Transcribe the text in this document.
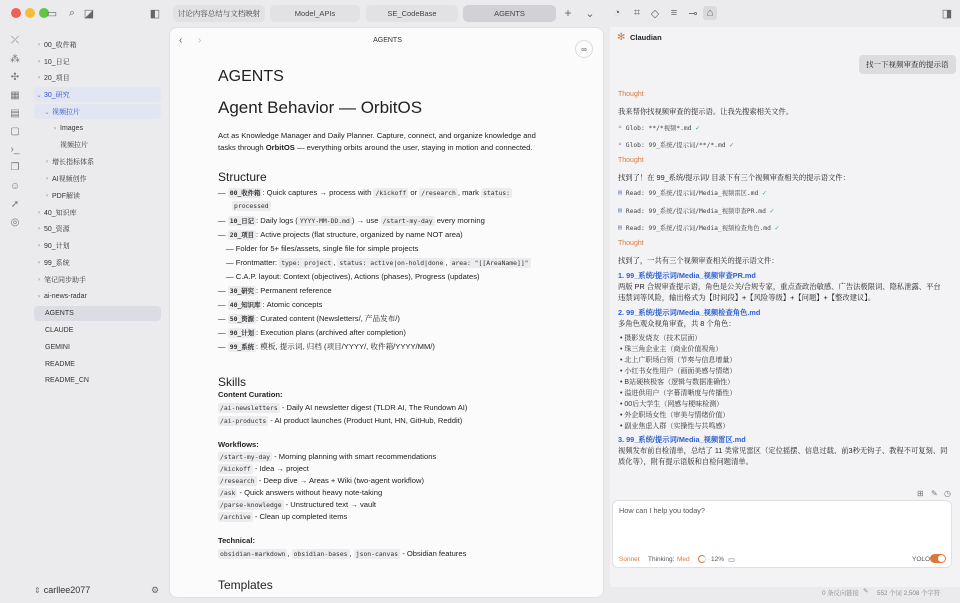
▭	⌕ ◪	◧	讨论内容总结与文档映射	Model_APIs	SE_CodeBase	AGENTS	+	⌄	◔	⌗ ◇	≡	⊸ ⌂	◨
⤫
⁂
✣
▦
▤
▢
›_
❐
☺
➚
◎
› 00_收件箱
› 10_日记
› 20_项目
⌄ 30_研究
⌄ 视频拉片
› Images
视频拉片
› 增长指标体系
› AI视频创作
› PDF解读
› 40_知识库
› 50_资源
› 90_计划
› 99_系统
› 笔记同步助手
› ai-news-radar
AGENTS
CLAUDE
GEMINI
README
README_CN
⇕ carllee2077	⚙
‹ ›	AGENTS
∞
AGENTS
Agent Behavior — OrbitOS
Act as Knowledge Manager and Daily Planner. Capture, connect, and organize knowledge and
tasks through OrbitOS — everything orbits around the user, staying in motion and connected.
Structure
— 00_收件箱 : Quick captures → process with /kickoff or /research , mark status:
processed
— 10_日记 : Daily logs ( YYYY-MM-DD.md ) → use /start-my-day every morning
— 20_项目 : Active projects (flat structure, organized by name NOT area)
— Folder for 5+ files/assets, single file for simple projects
— Frontmatter: type: project , status: active|on-hold|done , area: "[[AreaName]]"
— C.A.P. layout: Context (objectives), Actions (phases), Progress (updates)
— 30_研究 : Permanent reference
— 40_知识库 : Atomic concepts
— 50_资源 : Curated content (Newsletters/, 产品发布/)
— 90_计划 : Execution plans (archived after completion)
— 99_系统 : 模板, 提示词, 归档 (项目/YYYY/, 收件箱/YYYY/MM/)
Skills
Content Curation:
/ai-newsletters - Daily AI newsletter digest (TLDR AI, The Rundown AI)
/ai-products - AI product launches (Product Hunt, HN, GitHub, Reddit)
Workflows:
/start-my-day - Morning planning with smart recommendations
/kickoff - Idea → project
/research - Deep dive → Areas + Wiki (two-agent workflow)
/ask - Quick answers without heavy note-taking
/parse-knowledge - Unstructured text → vault
/archive - Clean up completed items
Technical:
obsidian-markdown , obsidian-bases , json-canvas - Obsidian features
Templates
✻ Claudian
找一下视频审查的提示语
Thought
我来帮你找视频审查的提示语。让我先搜索相关文件。
⌕ Glob: **/*视频*.md ✓
⌕ Glob: 99_系统/提示词/**/*.md ✓
Thought
找到了！在 99_系统/提示词/ 目录下有三个视频审查相关的提示语文件：
▤ Read: 99_系统/提示词/Media_视频雷区.md ✓
▤ Read: 99_系统/提示词/Media_视频审查PR.md ✓
▤ Read: 99_系统/提示词/Media_视频检查角色.md ✓
Thought
找到了，一共有三个视频审查相关的提示语文件：
1. 99_系统/提示词/Media_视频审查PR.md
两版 PR 合规审查提示语，角色是公关/合规专家，重点查政治敏感、广告法极限词、隐私泄露、平台
违禁词等风险，输出格式为【时间段】+【风险等级】+【问题】+【整改建议】。
2. 99_系统/提示词/Media_视频检查角色.md
多角色观众视角审查，共 8 个角色：
• 摄影发烧友（技术层面）
• 珠三角企业主（商业价值视角）
• 北上广职场白领（节奏与信息增量）
• 小红书女性用户（画面美感与情绪）
• B站硬核极客（逻辑与数据准确性）
• 溢进供用户（字幕清晰度与传播性）
• 00后大学生（网感与梗味检测）
• 外企职场女性（审美与情绪价值）
• 副业焦虑人群（实操性与共鸣感）
3. 99_系统/提示词/Media_视频雷区.md
视频发布前自检清单，总结了 11 类常见雷区（定位摇摆、信息过载、前3秒无钩子、教程不可复刻、同
质化等），附有提示语版和自检问题清单。
⊞ ✎ ◷
How can I help you today?
Sonnet Thinking: Med	12% ▭	YOLO
0 条反向链接 ✎ 552 个词 2,508 个字符
